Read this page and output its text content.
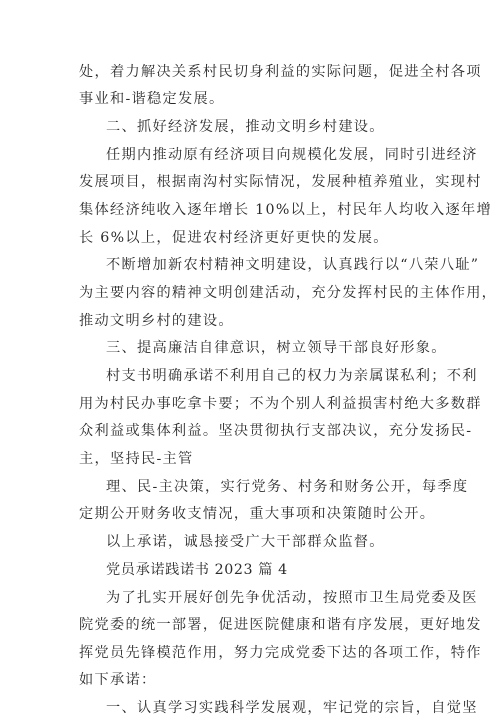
处，着力解决关系村民切身利益的实际问题，促进全村各项
事业和-谐稳定发展。
二、抓好经济发展，推动文明乡村建设。
任期内推动原有经济项目向规模化发展，同时引进经济
发展项目，根据南沟村实际情况，发展种植养殖业，实现村
集体经济纯收入逐年增长 10%以上，村民年人均收入逐年增
长 6%以上，促进农村经济更好更快的发展。
不断增加新农村精神文明建设，认真践行以“八荣八耻”
为主要内容的精神文明创建活动，充分发挥村民的主体作用，
推动文明乡村的建设。
三、提高廉洁自律意识，树立领导干部良好形象。
村支书明确承诺不利用自己的权力为亲属谋私利；不利
用为村民办事吃拿卡要；不为个别人利益损害村绝大多数群
众利益或集体利益。坚决贯彻执行支部决议，充分发扬民-
主，坚持民-主管
理、民-主决策，实行党务、村务和财务公开，每季度
定期公开财务收支情况，重大事项和决策随时公开。
以上承诺，诚恳接受广大干部群众监督。
党员承诺践诺书 2023 篇 4
为了扎实开展好创先争优活动，按照市卫生局党委及医
院党委的统一部署，促进医院健康和谐有序发展，更好地发
挥党员先锋模范作用，努力完成党委下达的各项工作，特作
如下承诺：
一、认真学习实践科学发展观，牢记党的宗旨，自觉坚
